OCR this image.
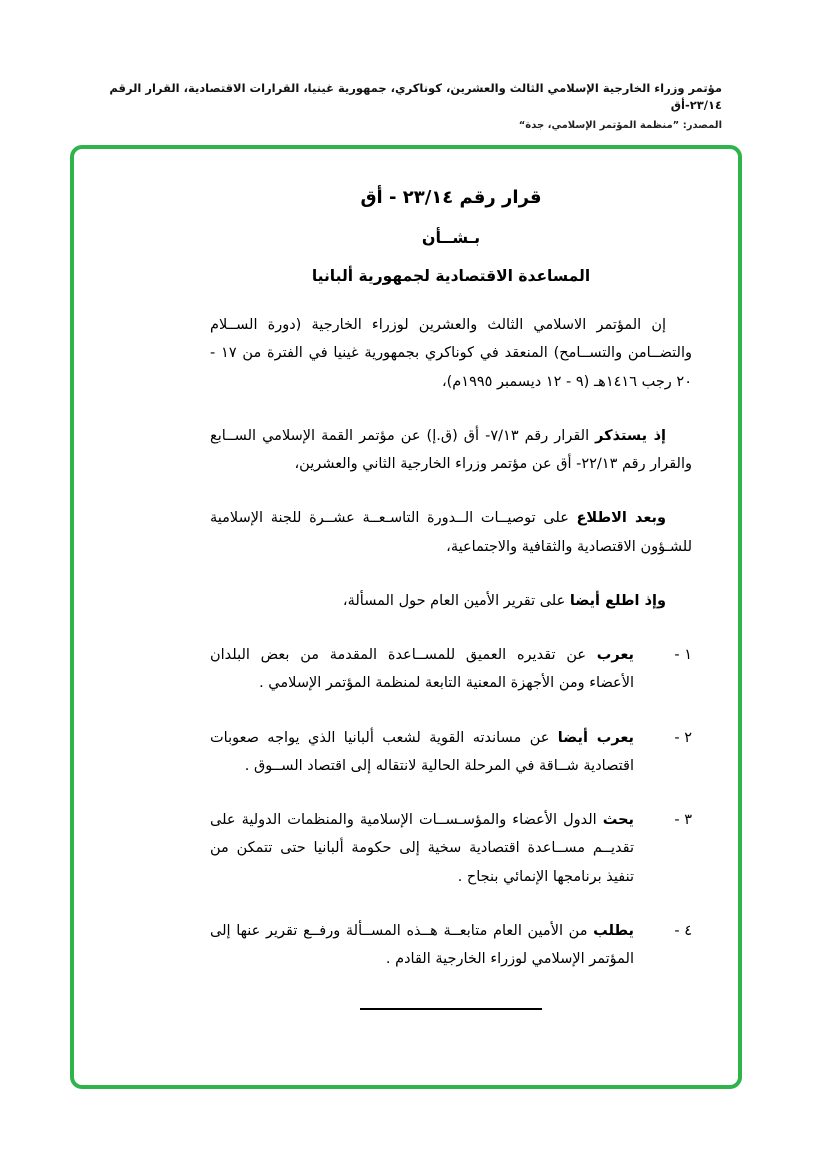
مؤتمر وزراء الخارجية الإسلامي الثالث والعشرين، كوناكري، جمهورية غينيا، القرارات الاقتصادية، القرار الرقم ٢٣/١٤-أق
المصدر: ”منظمة المؤتمر الإسلامي، جدة“
قرار رقم ٢٣/١٤ - أق
بـشــأن
المساعدة الاقتصادية لجمهورية ألبانيا

إن المؤتمر الاسلامي الثالث والعشرين لوزراء الخارجية (دورة الســلام والتضــامن والتســامح) المنعقد في كوناكري بجمهورية غينيا في الفترة من ١٧ - ٢٠ رجب ١٤١٦هـ (٩ - ١٢ ديسمبر ١٩٩٥م)،

إذ يستذكر القرار رقم ٧/١٣- أق (ق.إ) عن مؤتمر القمة الإسلامي الســابع والقرار رقم ٢٢/١٣- أق عن مؤتمر وزراء الخارجية الثاني والعشرين،

وبعد الاطلاع على توصيــات الــدورة التاسـعــة عشــرة للجنة الإسلامية للشـؤون الاقتصادية والثقافية والاجتماعية،

وإذ اطلع أيضا على تقرير الأمين العام حول المسألة،

١ -
يعرب عن تقديره العميق للمســاعدة المقدمة من بعض البلدان الأعضاء ومن الأجهزة المعنية التابعة لمنظمة المؤتمر الإسلامي .
٢ -
يعرب أيضا عن مساندته القوية لشعب ألبانيا الذي يواجه صعوبات اقتصادية شــاقة في المرحلة الحالية لانتقاله إلى اقتصاد الســوق .
٣ -
يحث الدول الأعضاء والمؤسـســات الإسلامية والمنظمات الدولية على تقديــم مســاعدة اقتصادية سخية إلى حكومة ألبانيا حتى تتمكن من تنفيذ برنامجها الإنمائي بنجاح .
٤ -
يطلب من الأمين العام متابعــة هــذه المســألة ورفــع تقرير عنها إلى المؤتمر الإسلامي لوزراء الخارجية القادم .
